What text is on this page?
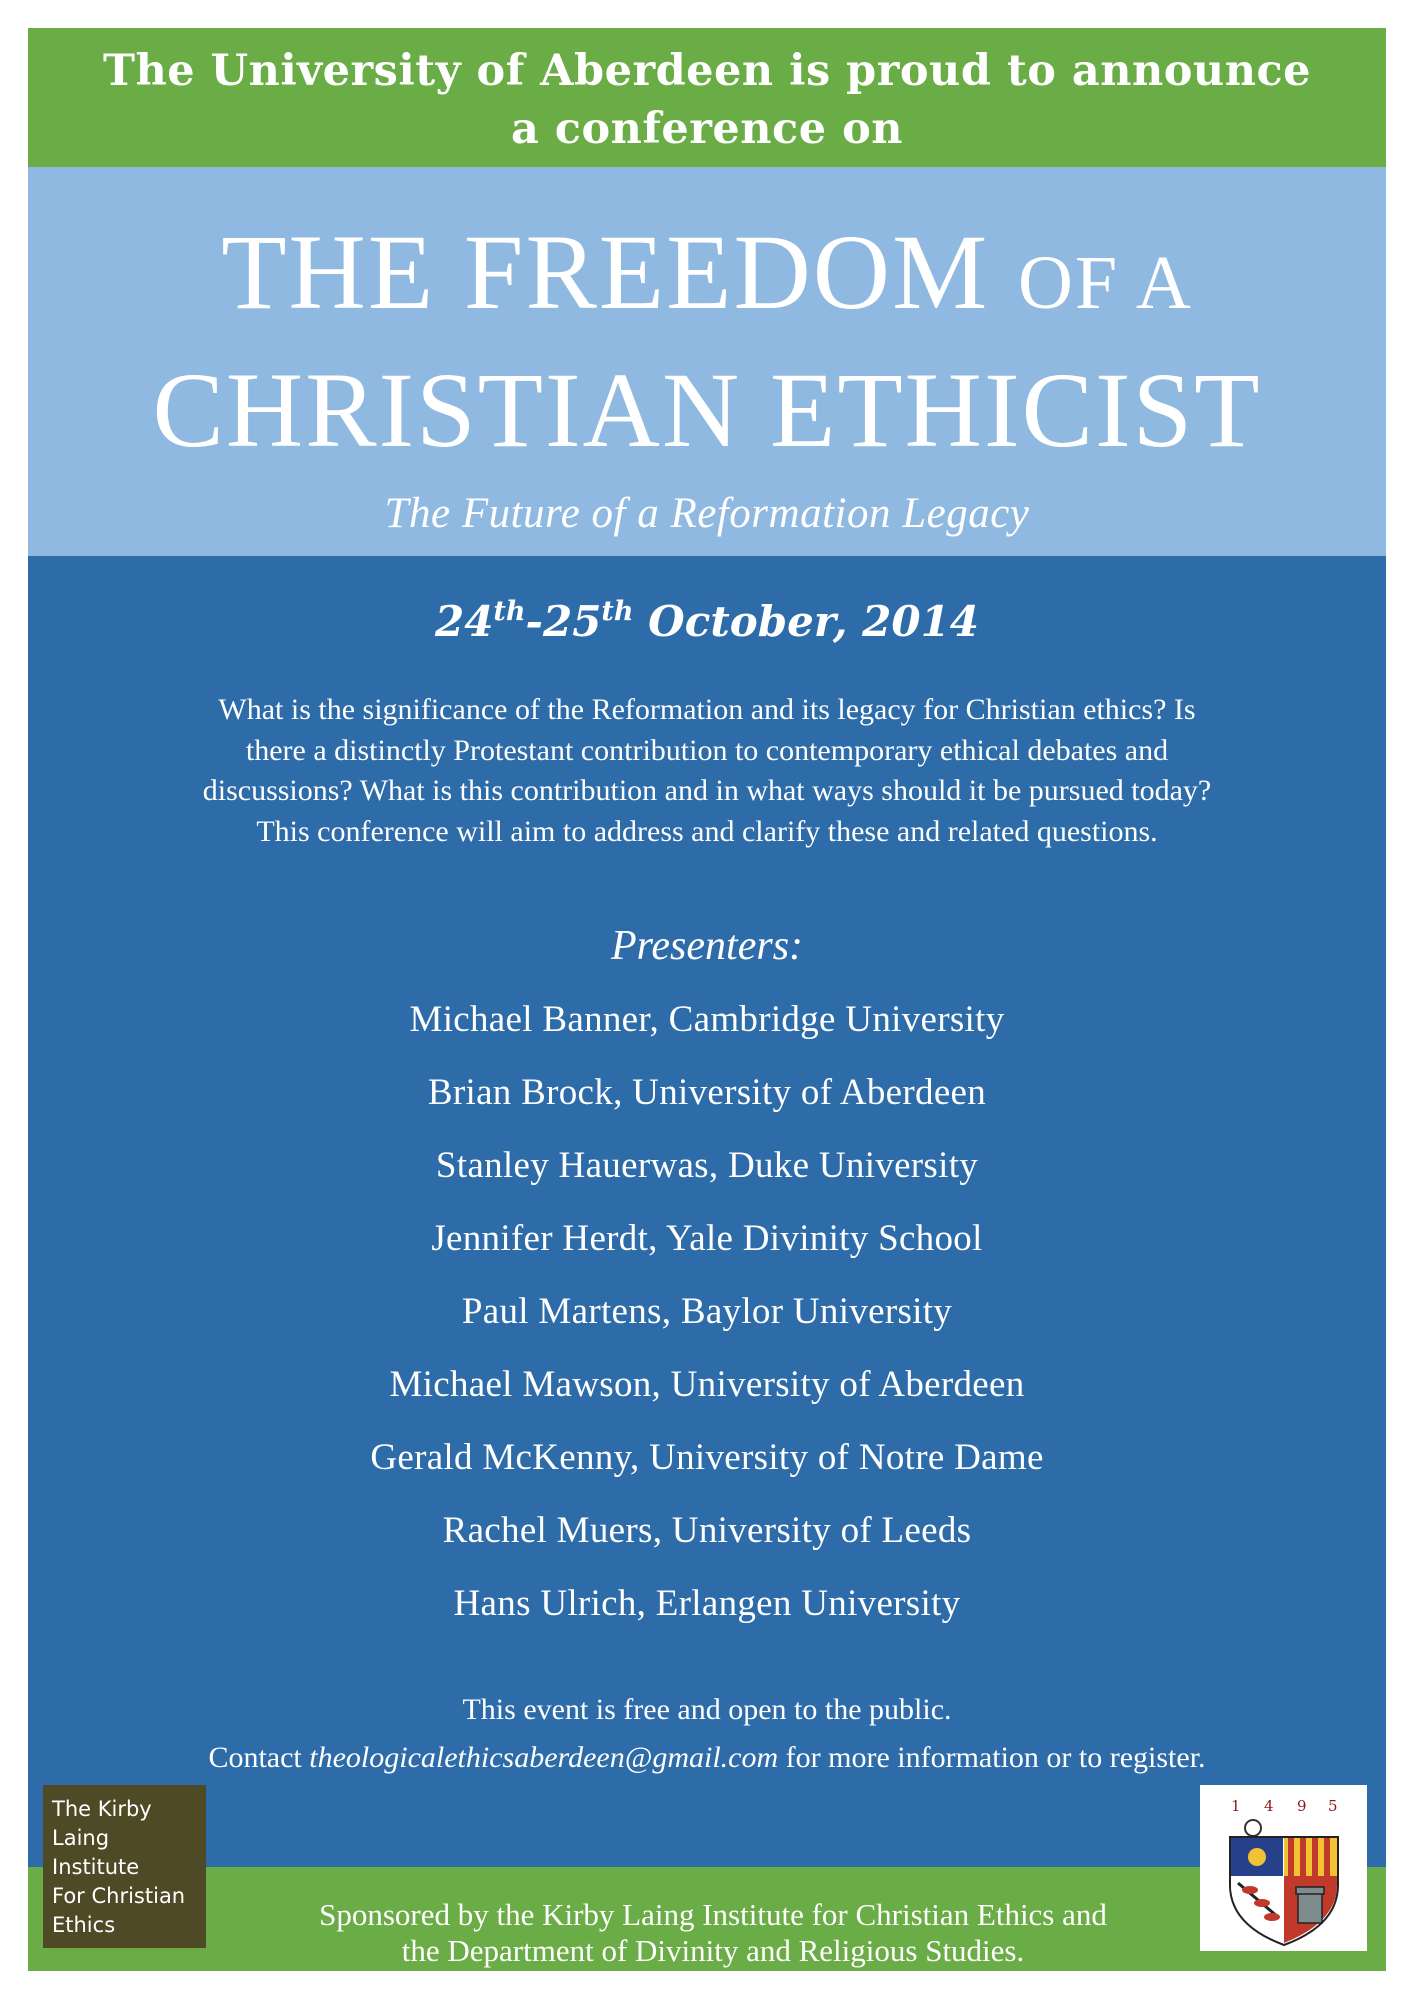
The University of Aberdeen is proud to announce
a conference on
THE FREEDOM OF A
CHRISTIAN ETHICIST
The Future of a Reformation Legacy
24th-25th October, 2014
What is the significance of the Reformation and its legacy for Christian ethics? Is
there a distinctly Protestant contribution to contemporary ethical debates and
discussions? What is this contribution and in what ways should it be pursued today?
This conference will aim to address and clarify these and related questions.
Presenters:
Michael Banner, Cambridge University
Brian Brock, University of Aberdeen
Stanley Hauerwas, Duke University
Jennifer Herdt, Yale Divinity School
Paul Martens, Baylor University
Michael Mawson, University of Aberdeen
Gerald McKenny, University of Notre Dame
Rachel Muers, University of Leeds
Hans Ulrich, Erlangen University
This event is free and open to the public.
Contact theologicalethicsaberdeen@gmail.com for more information or to register.
Sponsored by the Kirby Laing Institute for Christian Ethics and
the Department of Divinity and Religious Studies.
The Kirby
Laing
Institute
For Christian
Ethics
1 4 9 5
